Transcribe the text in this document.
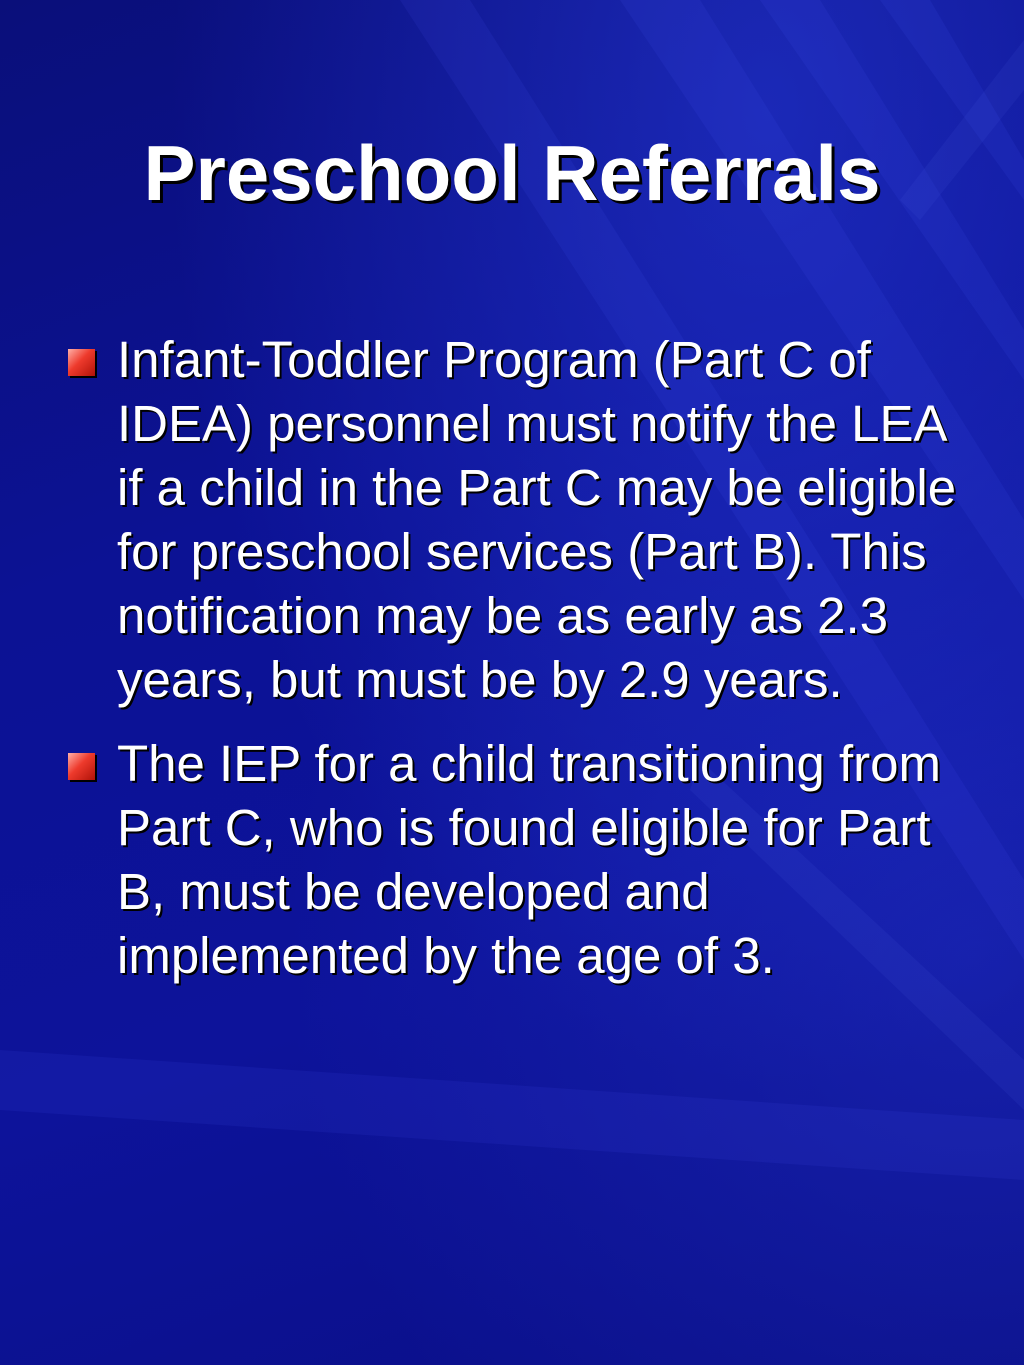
Preschool Referrals
Infant-Toddler Program (Part C of IDEA) personnel must notify the LEA if a child in the Part C may be eligible for preschool services (Part B). This notification may be as early as 2.3 years, but must be by 2.9 years.
The IEP for a child transitioning from Part C, who is found eligible for Part B, must be developed and implemented by the age of 3.
